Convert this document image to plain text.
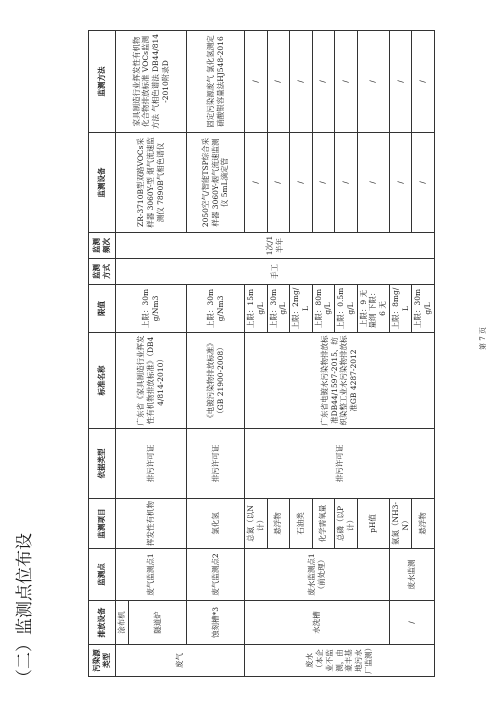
（二）监测点位布设
第 7 页
污染源类型	排放设备	监测点	监测项目	依据类型	标准名称	限值	监测方式	监测频次	监测设备	监测方法
废气	涂布机	废气监测点1	挥发性有机物	排污许可证	广东省《家具制造行业挥发性有机物排放标准》（DB44/814-2010）	上限：30mg/Nm3	手工	1次/1半年	ZR-3710B型双路VOCs采样器 3060Y-型 烟气流速监测仪 7890B气相色谱仪	家具制造行业挥发性有机物化合物排放标准 VOCs监测方法 气相色谱法 DB44/814-2010附录D
	隧道炉									
	蚀刻槽*3	废气监测点2	氯化氢	排污许可证	《电镀污染物排放标准》（GB 21900-2008）	上限：30mg/Nm3			2050空气/智能TSP综合采样器 3060Y-烟气流速监测仪 5mL滴定管	固定污染源废气 氯化氢测定 硝酸银容量法HJ548-2016
废水（本企业不监测，由豪丰基地污水厂监测）	水洗槽	废水监测点1（前处理）	总氮（以N计）	排污许可证	广东省电镀水污染物排放标准DB44/1597-2015、纺织染整工业水污染物排放标准GB 4287-2012	上限：15mg/L			/	/
			悬浮物			上限：30mg/L			/	/
			石油类			上限：2mg/L			/	/
			化学需氧量			上限：80mg/L			/	/
			总磷（以P计）			上限：0.5mg/L			/	/
			pH值			上限：9 无量纲 下限：6 无			/	/
	/	废水监测	氨氮（NH3-N）			上限：8mg/L			/	/
			悬浮物			上限：30mg/L			/	/
